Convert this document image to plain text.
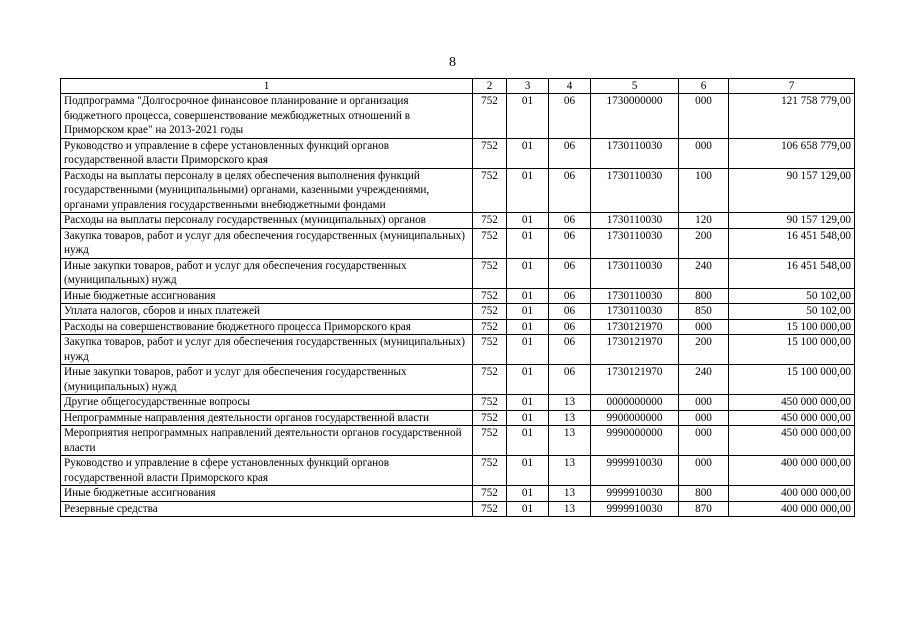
8
1	2	3	4	5	6	7
Подпрограмма "Долгосрочное финансовое планирование и организация бюджетного процесса, совершенствование межбюджетных отношений в Приморском крае" на 2013-2021 годы	752	01	06	1730000000	000	121 758 779,00
Руководство и управление в сфере установленных функций органов государственной власти Приморского края	752	01	06	1730110030	000	106 658 779,00
Расходы на выплаты персоналу в целях обеспечения выполнения функций государственными (муниципальными) органами, казенными учреждениями, органами управления государственными внебюджетными фондами	752	01	06	1730110030	100	90 157 129,00
Расходы на выплаты персоналу государственных (муниципальных) органов	752	01	06	1730110030	120	90 157 129,00
Закупка товаров, работ и услуг для обеспечения государственных (муниципальных) нужд	752	01	06	1730110030	200	16 451 548,00
Иные закупки товаров, работ и услуг для обеспечения государственных (муниципальных) нужд	752	01	06	1730110030	240	16 451 548,00
Иные бюджетные ассигнования	752	01	06	1730110030	800	50 102,00
Уплата налогов, сборов и иных платежей	752	01	06	1730110030	850	50 102,00
Расходы на совершенствование бюджетного процесса Приморского края	752	01	06	1730121970	000	15 100 000,00
Закупка товаров, работ и услуг для обеспечения государственных (муниципальных) нужд	752	01	06	1730121970	200	15 100 000,00
Иные закупки товаров, работ и услуг для обеспечения государственных (муниципальных) нужд	752	01	06	1730121970	240	15 100 000,00
Другие общегосударственные вопросы	752	01	13	0000000000	000	450 000 000,00
Непрограммные направления деятельности органов государственной власти	752	01	13	9900000000	000	450 000 000,00
Мероприятия непрограммных направлений деятельности органов государственной власти	752	01	13	9990000000	000	450 000 000,00
Руководство и управление в сфере установленных функций органов государственной власти Приморского края	752	01	13	9999910030	000	400 000 000,00
Иные бюджетные ассигнования	752	01	13	9999910030	800	400 000 000,00
Резервные средства	752	01	13	9999910030	870	400 000 000,00
